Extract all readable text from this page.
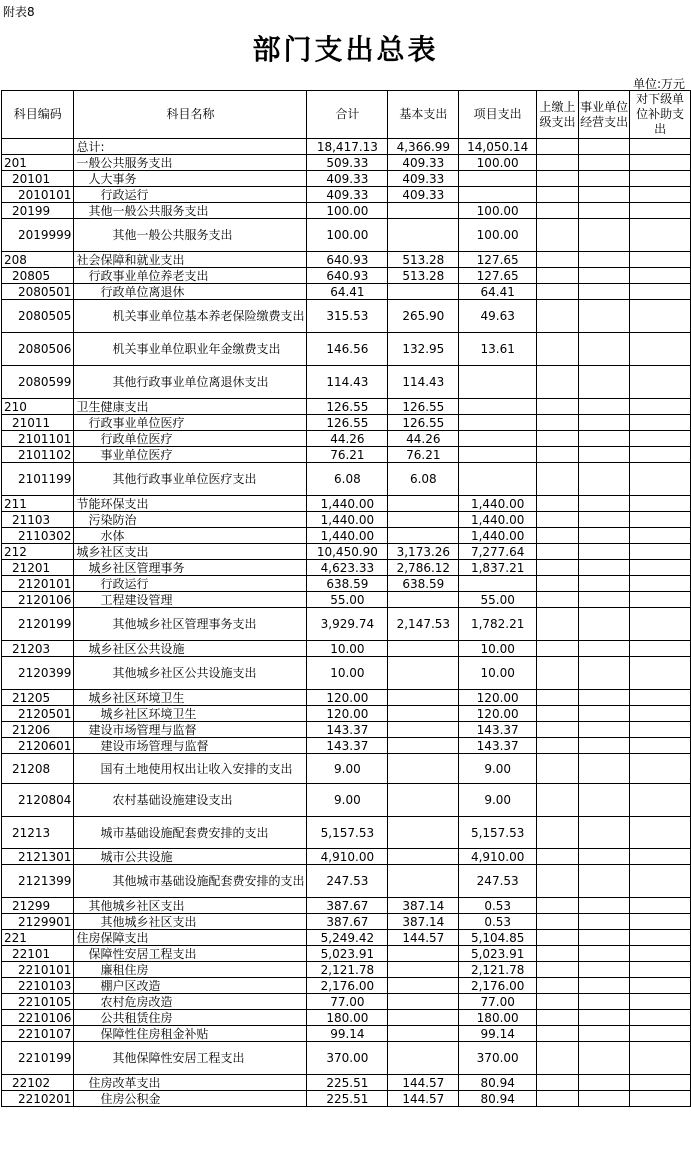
附表8
部门支出总表
单位:万元
科目编码	科目名称	合计	基本支出	项目支出	上缴上级支出	事业单位经营支出	对下级单位补助支出
	总计:	18,417.13	4,366.99	14,050.14			
201	一般公共服务支出	509.33	409.33	100.00			
20101	人大事务	409.33	409.33				
2010101	行政运行	409.33	409.33				
20199	其他一般公共服务支出	100.00		100.00			
2019999	其他一般公共服务支出	100.00		100.00			
208	社会保障和就业支出	640.93	513.28	127.65			
20805	行政事业单位养老支出	640.93	513.28	127.65			
2080501	行政单位离退休	64.41		64.41			
2080505	机关事业单位基本养老保险缴费支出	315.53	265.90	49.63			
2080506	机关事业单位职业年金缴费支出	146.56	132.95	13.61			
2080599	其他行政事业单位离退休支出	114.43	114.43				
210	卫生健康支出	126.55	126.55				
21011	行政事业单位医疗	126.55	126.55				
2101101	行政单位医疗	44.26	44.26				
2101102	事业单位医疗	76.21	76.21				
2101199	其他行政事业单位医疗支出	6.08	6.08				
211	节能环保支出	1,440.00		1,440.00			
21103	污染防治	1,440.00		1,440.00			
2110302	水体	1,440.00		1,440.00			
212	城乡社区支出	10,450.90	3,173.26	7,277.64			
21201	城乡社区管理事务	4,623.33	2,786.12	1,837.21			
2120101	行政运行	638.59	638.59				
2120106	工程建设管理	55.00		55.00			
2120199	其他城乡社区管理事务支出	3,929.74	2,147.53	1,782.21			
21203	城乡社区公共设施	10.00		10.00			
2120399	其他城乡社区公共设施支出	10.00		10.00			
21205	城乡社区环境卫生	120.00		120.00			
2120501	城乡社区环境卫生	120.00		120.00			
21206	建设市场管理与监督	143.37		143.37			
2120601	建设市场管理与监督	143.37		143.37			
21208	国有土地使用权出让收入安排的支出	9.00		9.00			
2120804	农村基础设施建设支出	9.00		9.00			
21213	城市基础设施配套费安排的支出	5,157.53		5,157.53			
2121301	城市公共设施	4,910.00		4,910.00			
2121399	其他城市基础设施配套费安排的支出	247.53		247.53			
21299	其他城乡社区支出	387.67	387.14	0.53			
2129901	其他城乡社区支出	387.67	387.14	0.53			
221	住房保障支出	5,249.42	144.57	5,104.85			
22101	保障性安居工程支出	5,023.91		5,023.91			
2210101	廉租住房	2,121.78		2,121.78			
2210103	棚户区改造	2,176.00		2,176.00			
2210105	农村危房改造	77.00		77.00			
2210106	公共租赁住房	180.00		180.00			
2210107	保障性住房租金补贴	99.14		99.14			
2210199	其他保障性安居工程支出	370.00		370.00			
22102	住房改革支出	225.51	144.57	80.94			
2210201	住房公积金	225.51	144.57	80.94			
